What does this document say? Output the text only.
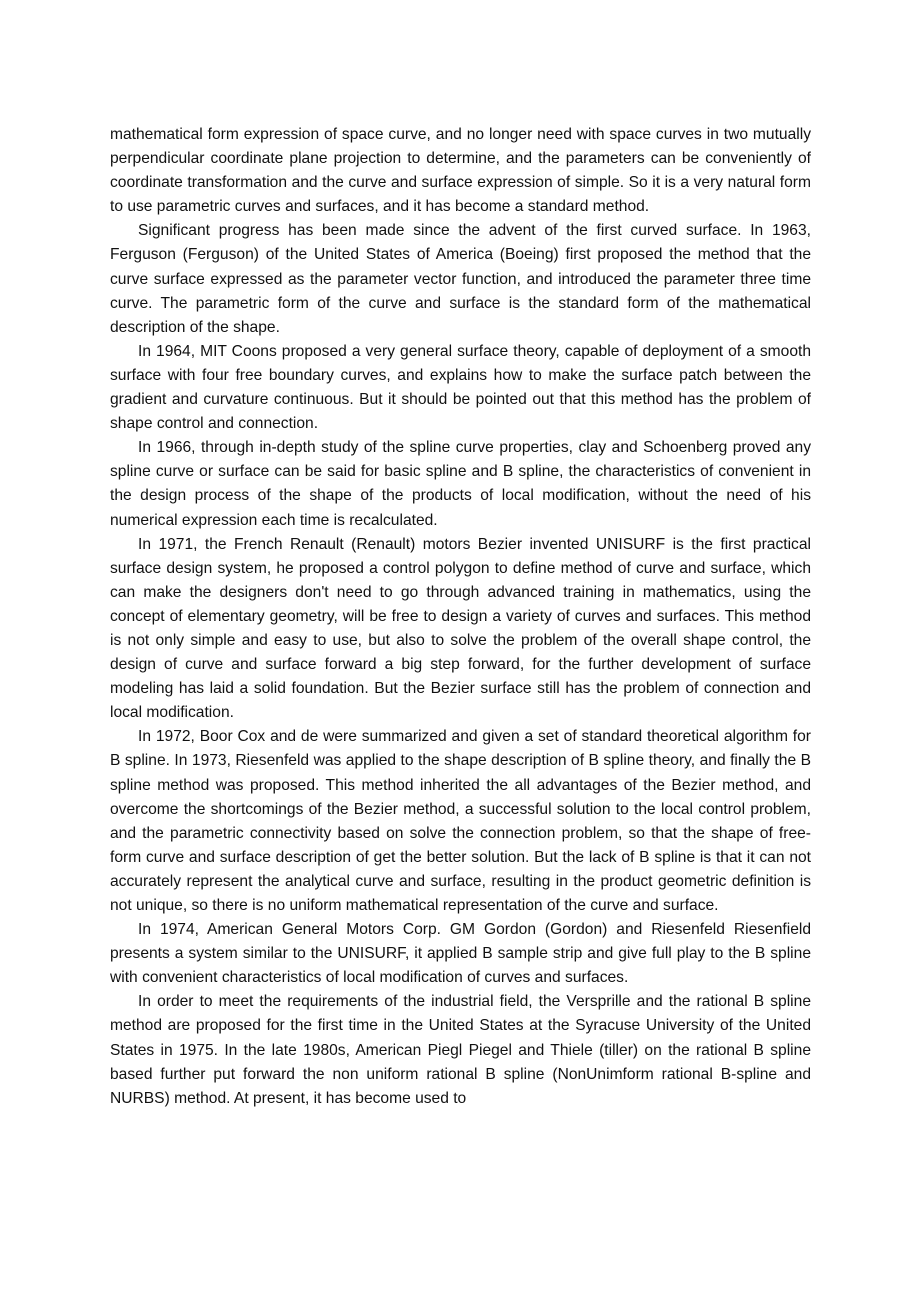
mathematical form expression of space curve, and no longer need with space curves in two mutually perpendicular coordinate plane projection to determine, and the parameters can be conveniently of coordinate transformation and the curve and surface expression of simple. So it is a very natural form to use parametric curves and surfaces, and it has become a standard method.

Significant progress has been made since the advent of the first curved surface. In 1963, Ferguson (Ferguson) of the United States of America (Boeing) first proposed the method that the curve surface expressed as the parameter vector function, and introduced the parameter three time curve. The parametric form of the curve and surface is the standard form of the mathematical description of the shape.

In 1964, MIT Coons proposed a very general surface theory, capable of deployment of a smooth surface with four free boundary curves, and explains how to make the surface patch between the gradient and curvature continuous. But it should be pointed out that this method has the problem of shape control and connection.

In 1966, through in-depth study of the spline curve properties, clay and Schoenberg proved any spline curve or surface can be said for basic spline and B spline, the characteristics of convenient in the design process of the shape of the products of local modification, without the need of his numerical expression each time is recalculated.

In 1971, the French Renault (Renault) motors Bezier invented UNISURF is the first practical surface design system, he proposed a control polygon to define method of curve and surface, which can make the designers don't need to go through advanced training in mathematics, using the concept of elementary geometry, will be free to design a variety of curves and surfaces. This method is not only simple and easy to use, but also to solve the problem of the overall shape control, the design of curve and surface forward a big step forward, for the further development of surface modeling has laid a solid foundation. But the Bezier surface still has the problem of connection and local modification.

In 1972, Boor Cox and de were summarized and given a set of standard theoretical algorithm for B spline. In 1973, Riesenfeld was applied to the shape description of B spline theory, and finally the B spline method was proposed. This method inherited the all advantages of the Bezier method, and overcome the shortcomings of the Bezier method, a successful solution to the local control problem, and the parametric connectivity based on solve the connection problem, so that the shape of free-form curve and surface description of get the better solution. But the lack of B spline is that it can not accurately represent the analytical curve and surface, resulting in the product geometric definition is not unique, so there is no uniform mathematical representation of the curve and surface.

In 1974, American General Motors Corp. GM Gordon (Gordon) and Riesenfeld Riesenfield presents a system similar to the UNISURF, it applied B sample strip and give full play to the B spline with convenient characteristics of local modification of curves and surfaces.

In order to meet the requirements of the industrial field, the Versprille and the rational B spline method are proposed for the first time in the United States at the Syracuse University of the United States in 1975. In the late 1980s, American Piegl Piegel and Thiele (tiller) on the rational B spline based further put forward the non uniform rational B spline (NonUnimform rational B-spline and NURBS) method. At present, it has become used to
